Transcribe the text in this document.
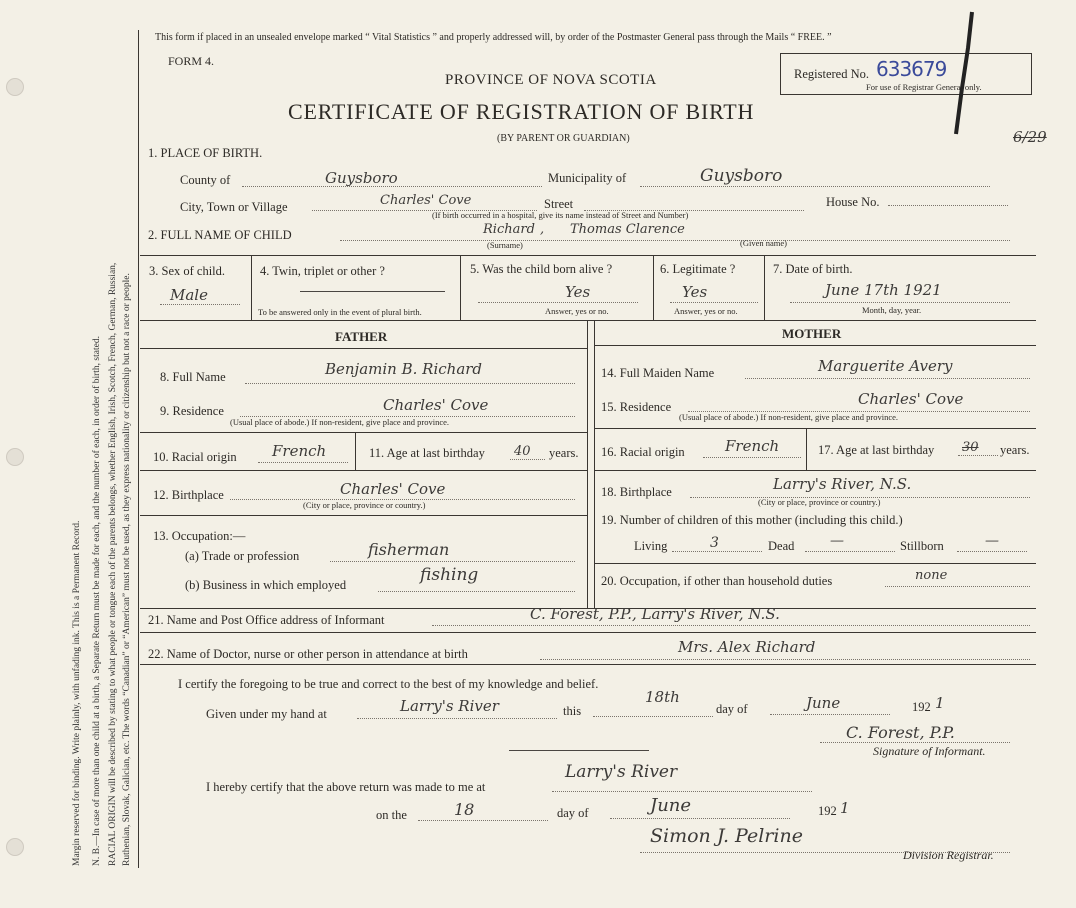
Margin reserved for binding. Write plainly, with unfading ink. This is a Permanent Record. N. B.—In case of more than one child at a birth, a Separate Return must be made for each, and the number of each, in order of birth, stated. RACIAL ORIGIN will be described by stating to what people or tongue each of the parents belongs, whether English, Irish, Scotch, French, German, Russian, Ruthenian, Slovak, Galician, etc. The words “Canadian” or “American” must not be used, as they express nationality or citizenship but not a race or people.
This form if placed in an unsealed envelope marked “ Vital Statistics ” and properly addressed will, by order of the Postmaster General pass through the Mails “ FREE. ”
FORM 4.
PROVINCE OF NOVA SCOTIA
CERTIFICATE OF REGISTRATION OF BIRTH
(BY PARENT OR GUARDIAN)
Registered No. 633679
For use of Registrar General only.
6/29
1. PLACE OF BIRTH.
County of	Guysboro	Municipality of	Guysboro
City, Town or Village	Charles' Cove	Street	House No.
(If birth occurred in a hospital, give its name instead of Street and Number)
2. FULL NAME OF CHILD	Richard , Thomas Clarence
(Surname)	(Given name)
3. Sex of child.
Male
4. Twin, triplet or other ?
To be answered only in the event of plural birth.
5. Was the child born alive ?
Yes
Answer, yes or no.
6. Legitimate ?
Yes
Answer, yes or no.
7. Date of birth.
June 17th 1921
Month, day, year.
FATHER	MOTHER
8. Full Name	Benjamin B. Richard
9. Residence	Charles' Cove
(Usual place of abode.) If non-resident, give place and province.
10. Racial origin French	11. Age at last birthday 40 years.
12. Birthplace	Charles' Cove
(City or place, province or country.)
13. Occupation:—
(a) Trade or profession	fisherman
(b) Business in which employed	fishing
14. Full Maiden Name	Marguerite Avery
15. Residence	Charles' Cove
(Usual place of abode.) If non-resident, give place and province.
16. Racial origin	French	17. Age at last birthday 30 years.
18. Birthplace	Larry's River, N.S.
(City or place, province or country.)
19. Number of children of this mother (including this child.)
Living	3	Dead	—	Stillborn	—
20. Occupation, if other than household duties	none
21. Name and Post Office address of Informant	C. Forest, P.P., Larry's River, N.S.
22. Name of Doctor, nurse or other person in attendance at birth	Mrs. Alex Richard
I certify the foregoing to be true and correct to the best of my knowledge and belief.
Given under my hand at	Larry's River	this
18th
day of	June	192 1
C. Forest, P.P.
Signature of Informant.
I hereby certify that the above return was made to me at
Larry's River
on the	18	day of	June	192 1
Simon J. Pelrine
Division Registrar.
